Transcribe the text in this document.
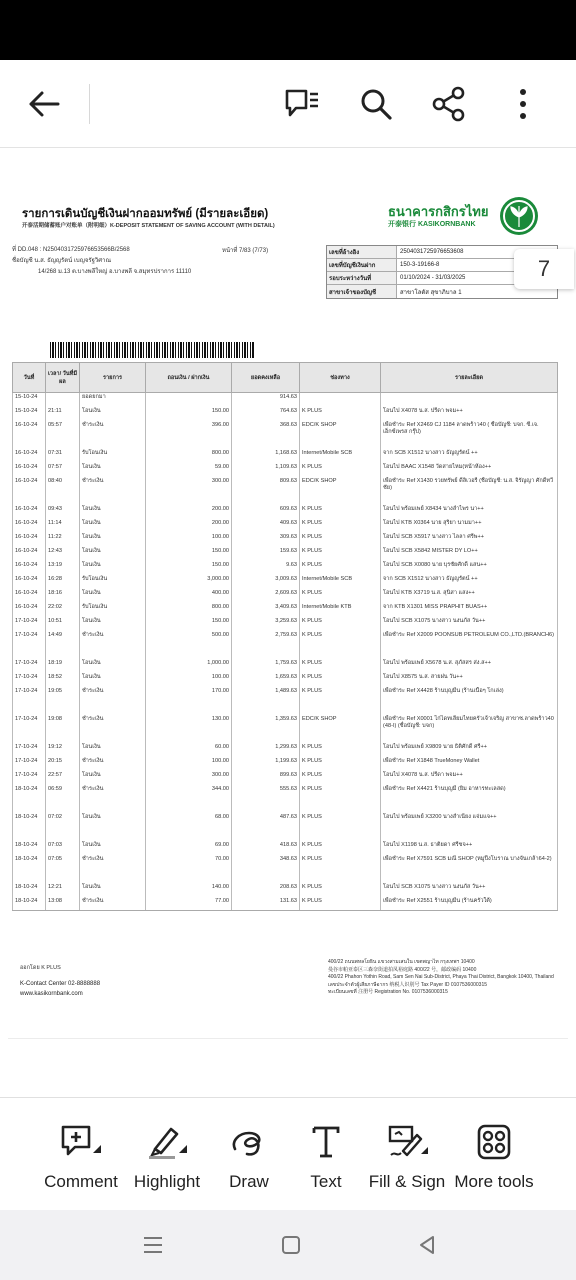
รายการเดินบัญชีเงินฝากออมทรัพย์ (มีรายละเอียด)
开泰活期储蓄账户对账单（附明细）K-DEPOSIT STATEMENT OF SAVING ACCOUNT (WITH DETAIL)
ธนาคารกสิกรไทย
开泰银行 KASIKORNBANK
ที่ DD.048 : N2504031725976653566B/2568
ชื่อบัญชี น.ส. ธัญญรัตน์ เบญจรัฐวิศาณ
14/268 ม.13 ต.บางพลีใหญ่ อ.บางพลี จ.สมุทรปราการ 11110
หน้าที่ 7/83 (7/73)	เลขที่อ้างอิง	2504031725976653608
เลขที่บัญชีเงินฝาก	150-3-19166-8
รอบระหว่างวันที่	01/10/2024 - 31/03/2025
สาขาเจ้าของบัญชี	สาขาโลตัส สุขาภิบาล 1
วันที่	เวลา/ วันที่มีผล	รายการ	ถอนเงิน / ฝากเงิน	ยอดคงเหลือ	ช่องทาง	รายละเอียด
15-10-24		ยอดยกมา		914.63		
15-10-24	21:11	โอนเงิน	150.00	764.63	K PLUS	โอนไป X4078 น.ส. ปรีดา พจม++
16-10-24	05:57	ชำระเงิน	396.00	368.63	EDC/K SHOP	เพื่อชำระ Ref X2469 CJ 1184 ลาดพร้าว40 ( ชื่อบัญชี: บจก. ซี.เจ. เอ็กซ์เพรส กรุ๊ป)
16-10-24	07:31	รับโอนเงิน	800.00	1,168.63	Internet/Mobile SCB	จาก SCB X1512 นางสาว ธัญญรัตน์ ++
16-10-24	07:57	โอนเงิน	59.00	1,109.63	K PLUS	โอนไป BAAC X1548 วัดสายไหม(หน้าห้อง++
16-10-24	08:40	ชำระเงิน	300.00	809.63	EDC/K SHOP	เพื่อชำระ Ref X1430 รวยทรัพย์ ดีลิเวอรี่ (ชื่อบัญชี: น.ส. จิรัญญา ศักดิ์ทวีชัย)
16-10-24	09:43	โอนเงิน	200.00	609.63	K PLUS	โอนไป พร้อมเพย์ X8434 นางลำไพร นา++
16-10-24	11:14	โอนเงิน	200.00	409.63	K PLUS	โอนไป KTB X0364 นาย สุริยา นามมา++
16-10-24	11:22	โอนเงิน	100.00	309.63	K PLUS	โอนไป SCB X5917 นางสาว ไลลา ศรีพ++
16-10-24	12:43	โอนเงิน	150.00	159.63	K PLUS	โอนไป SCB X5842 MISTER DY LO++
16-10-24	13:19	โอนเงิน	150.00	9.63	K PLUS	โอนไป SCB X0080 นาย บุรชัยศักดิ์ แสน++
16-10-24	16:28	รับโอนเงิน	3,000.00	3,009.63	Internet/Mobile SCB	จาก SCB X1512 นางสาว ธัญญรัตน์ ++
16-10-24	18:16	โอนเงิน	400.00	2,609.63	K PLUS	โอนไป KTB X3719 น.ส. สุนิสา แสง++
16-10-24	22:02	รับโอนเงิน	800.00	3,409.63	Internet/Mobile KTB	จาก KTB X1301 MISS PRAPHIT BUAS++
17-10-24	10:51	โอนเงิน	150.00	3,259.63	K PLUS	โอนไป SCB X1075 นางสาว นงนภัส วัน++
17-10-24	14:49	ชำระเงิน	500.00	2,759.63	K PLUS	เพื่อชำระ Ref X2009 POONSUB PETROLEUM CO.,LTD.(BRANCH6)
17-10-24	18:19	โอนเงิน	1,000.00	1,759.63	K PLUS	โอนไป พร้อมเพย์ X5678 น.ส. สุภัสสร ส่ง.ส++
17-10-24	18:52	โอนเงิน	100.00	1,659.63	K PLUS	โอนไป X8575 น.ส. สายฝน วัน++
17-10-24	19:05	ชำระเงิน	170.00	1,489.63	K PLUS	เพื่อชำระ Ref X4428 ร้านบุญมีน (ร้านเนื้อๆ โกเล่ง)
17-10-24	19:08	ชำระเงิน	130.00	1,359.63	EDC/K SHOP	เพื่อชำระ Ref X0001 ไก่ไดทเลียมไทยครัวเจ้าเจริญ สาขาซ.ลาดพร้าว40 (48-I) (ชื่อบัญชี: บจก)
17-10-24	19:12	โอนเงิน	60.00	1,299.63	K PLUS	โอนไป พร้อมเพย์ X9809 นาย ธิติศักดิ์ ศรี++
17-10-24	20:15	ชำระเงิน	100.00	1,199.63	K PLUS	เพื่อชำระ Ref X1848 TrueMoney Wallet
17-10-24	22:57	โอนเงิน	300.00	899.63	K PLUS	โอนไป X4078 น.ส. ปรีดา พจม++
18-10-24	06:59	ชำระเงิน	344.00	555.63	K PLUS	เพื่อชำระ Ref X4421 ร้านบุญมี (ยิม อาหารทะเลสด)
18-10-24	07:02	โอนเงิน	68.00	487.63	K PLUS	โอนไป พร้อมเพย์ X3200 นางสำเนียง แจ่มแจ++
18-10-24	07:03	โอนเงิน	69.00	418.63	K PLUS	โอนไป X1198 น.ส. ธาติยดา ศรีชจ++
18-10-24	07:05	ชำระเงิน	70.00	348.63	K PLUS	เพื่อชำระ Ref X7591 SCB มณี SHOP (หมูปิ้งโบราณ บางจั่นเกล้า64-2)
18-10-24	12:21	โอนเงิน	140.00	208.63	K PLUS	โอนไป SCB X1075 นางสาว นงนภัส วัน++
18-10-24	13:08	ชำระเงิน	77.00	131.63	K PLUS	เพื่อชำระ Ref X2551 ร้านบุญมีน (ร้านครัวใต้)
ออกโดย K PLUS
K-Contact Center 02-8888888
www.kasikornbank.com
400/22 ถนนพหลโยธิน แขวงสามเสนใน เขตพญาไท กรุงเทพฯ 10400
曼谷市帕亚泰区三森奈街道拍凤裕庭路 400/22 号，邮政编码 10400
400/22 Phahon Yothin Road, Sam Sen Nai Sub-District, Phaya Thai District, Bangkok 10400, Thailand
เลขประจำตัวผู้เสียภาษีอากร 纳税人识别号 Tax Payer ID 0107536000315
ทะเบียนเลขที่ 注册号 Registration No. 0107536000315
7
Comment Highlight Draw Text Fill & Sign More tools
